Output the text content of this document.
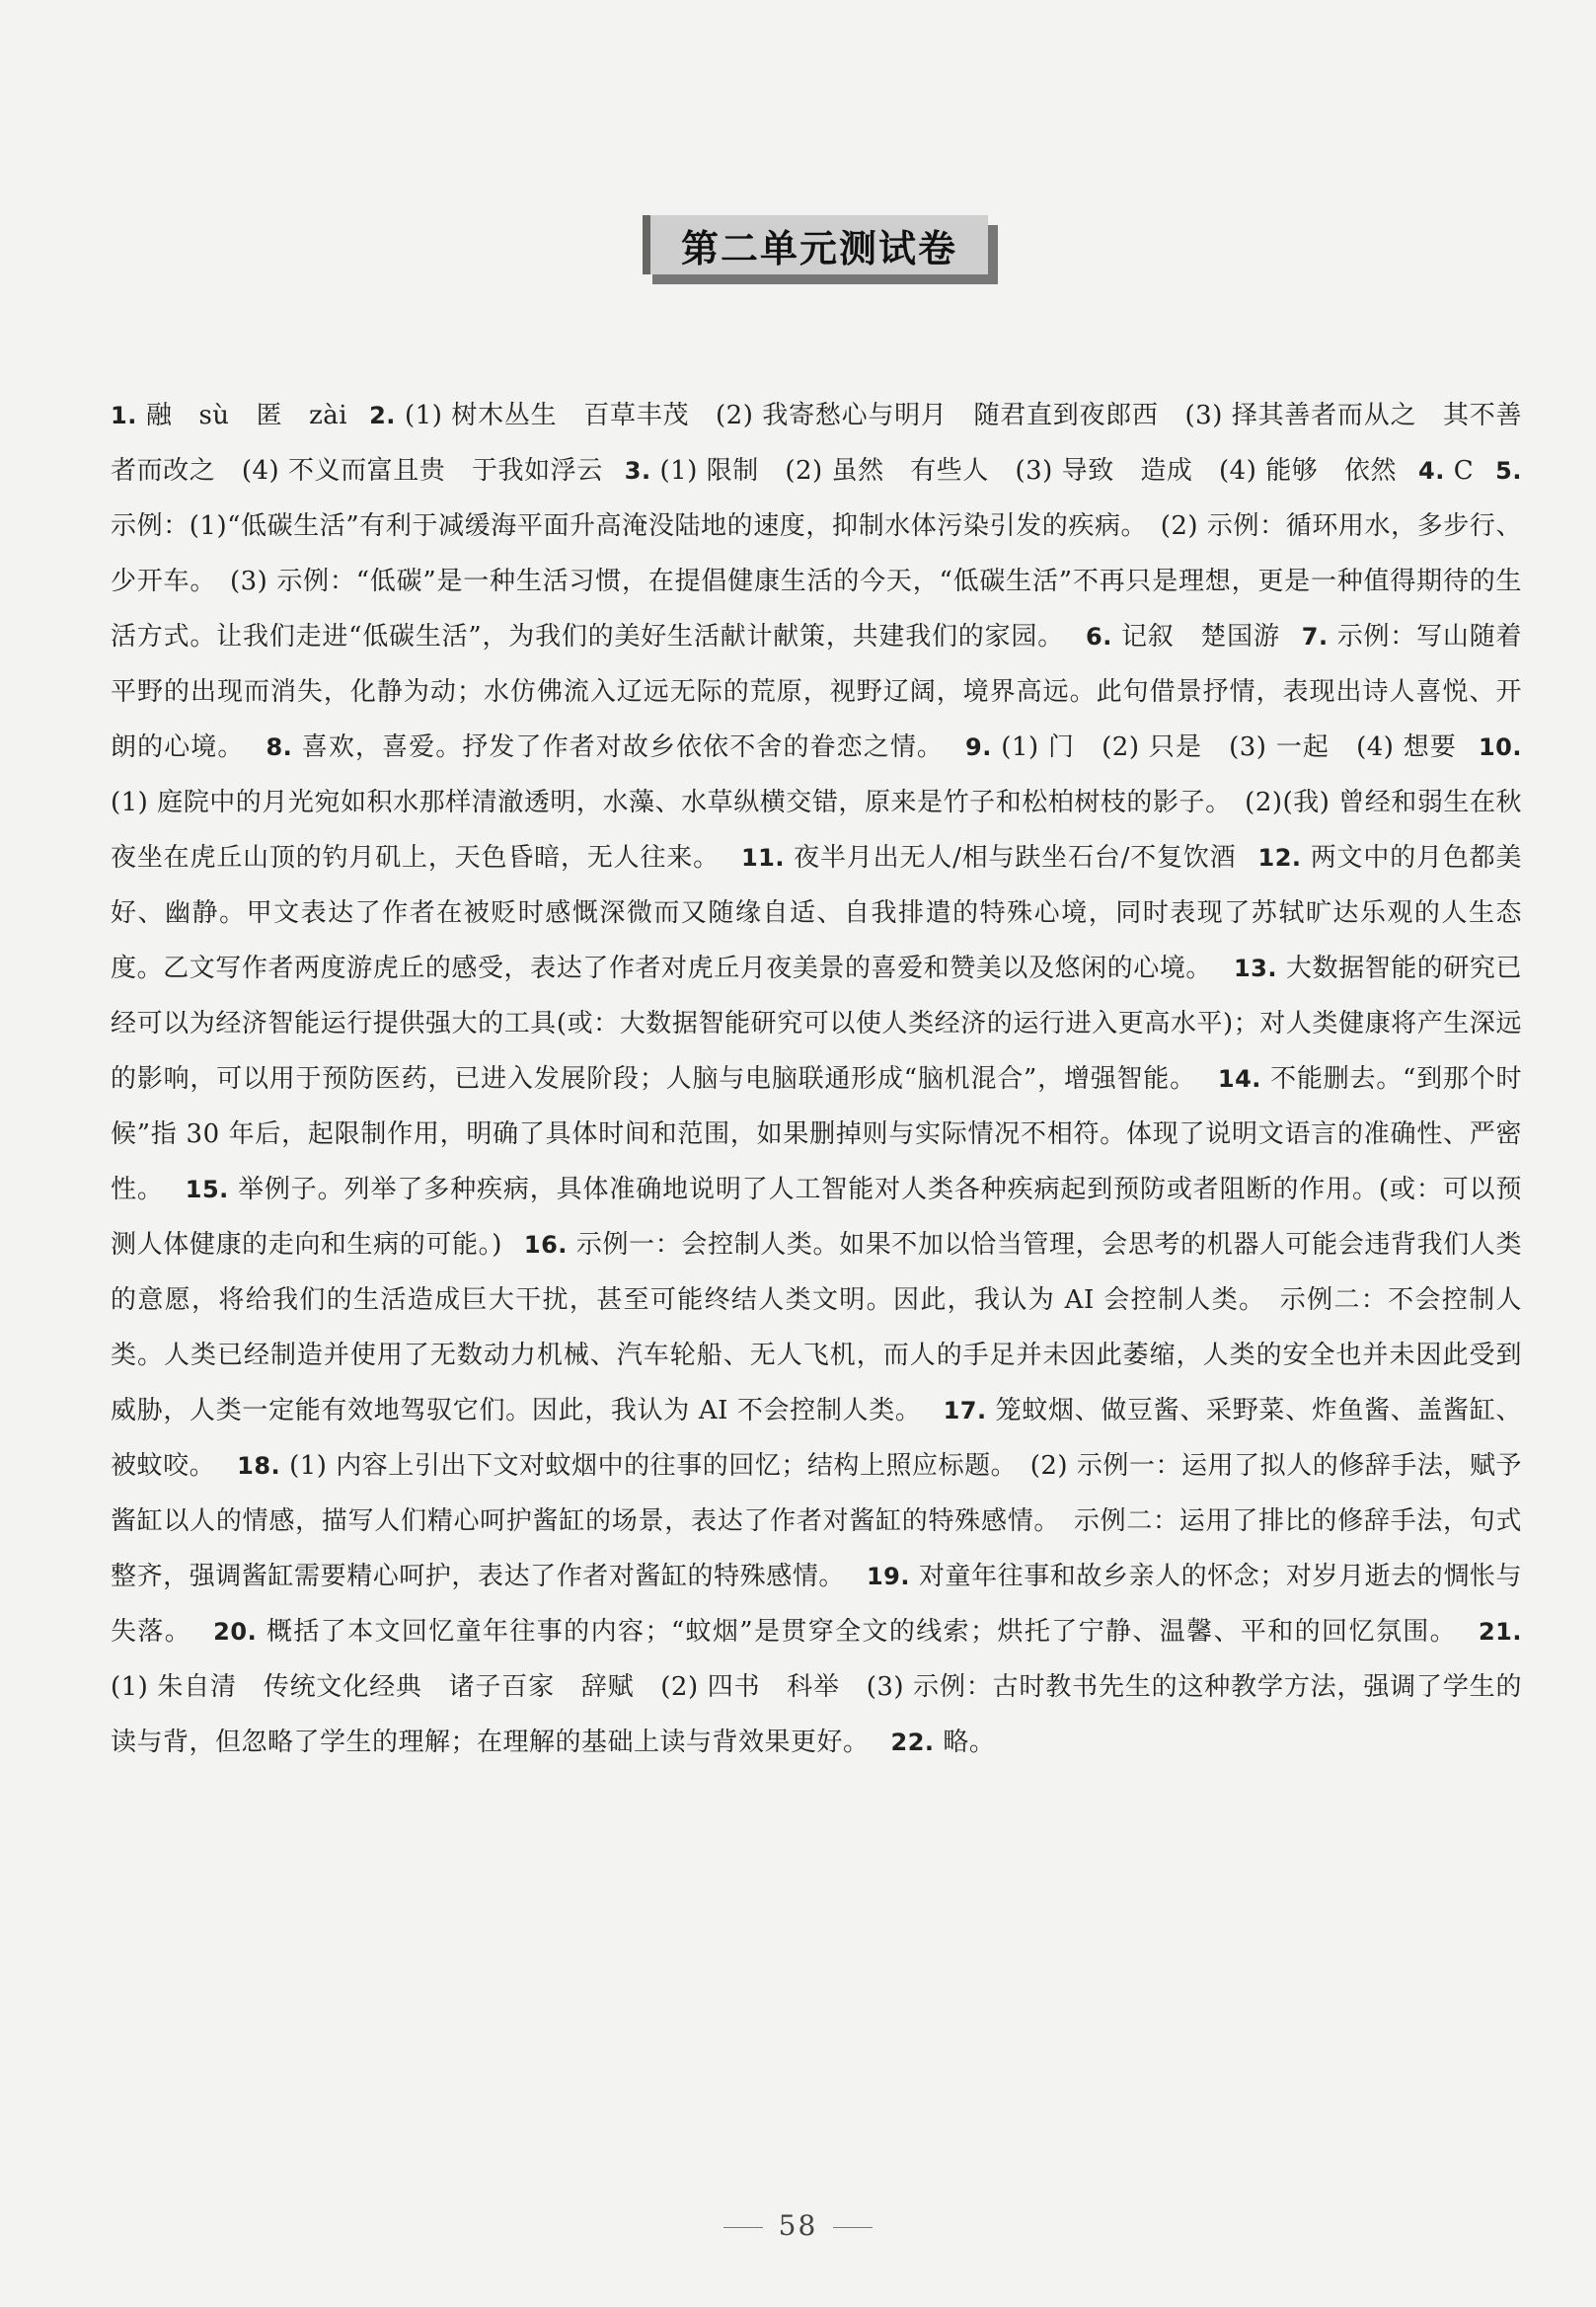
第二单元测试卷
1. 融　sù　匿　zài 2. (1) 树木丛生　百草丰茂　(2) 我寄愁心与明月　随君直到夜郎西　(3) 择其善者而从之　其不善者而改之　(4) 不义而富且贵　于我如浮云 3. (1) 限制　(2) 虽然　有些人　(3) 导致　造成　(4) 能够　依然 4. C 5. 示例：(1)“低碳生活”有利于减缓海平面升高淹没陆地的速度，抑制水体污染引发的疾病。　(2) 示例：循环用水，多步行、少开车。　(3) 示例：“低碳”是一种生活习惯，在提倡健康生活的今天，“低碳生活”不再只是理想，更是一种值得期待的生活方式。让我们走进“低碳生活”，为我们的美好生活献计献策，共建我们的家园。 6. 记叙　楚国游 7. 示例：写山随着平野的出现而消失，化静为动；水仿佛流入辽远无际的荒原，视野辽阔，境界高远。此句借景抒情，表现出诗人喜悦、开朗的心境。 8. 喜欢，喜爱。抒发了作者对故乡依依不舍的眷恋之情。 9. (1) 门　(2) 只是　(3) 一起　(4) 想要 10. (1) 庭院中的月光宛如积水那样清澈透明，水藻、水草纵横交错，原来是竹子和松柏树枝的影子。　(2)(我) 曾经和弱生在秋夜坐在虎丘山顶的钓月矶上，天色昏暗，无人往来。 11. 夜半月出无人/相与趺坐石台/不复饮酒 12. 两文中的月色都美好、幽静。甲文表达了作者在被贬时感慨深微而又随缘自适、自我排遣的特殊心境，同时表现了苏轼旷达乐观的人生态度。乙文写作者两度游虎丘的感受，表达了作者对虎丘月夜美景的喜爱和赞美以及悠闲的心境。 13. 大数据智能的研究已经可以为经济智能运行提供强大的工具(或：大数据智能研究可以使人类经济的运行进入更高水平)；对人类健康将产生深远的影响，可以用于预防医药，已进入发展阶段；人脑与电脑联通形成“脑机混合”，增强智能。 14. 不能删去。“到那个时候”指 30 年后，起限制作用，明确了具体时间和范围，如果删掉则与实际情况不相符。体现了说明文语言的准确性、严密性。 15. 举例子。列举了多种疾病，具体准确地说明了人工智能对人类各种疾病起到预防或者阻断的作用。(或：可以预测人体健康的走向和生病的可能。) 16. 示例一：会控制人类。如果不加以恰当管理，会思考的机器人可能会违背我们人类的意愿，将给我们的生活造成巨大干扰，甚至可能终结人类文明。因此，我认为 AI 会控制人类。　示例二：不会控制人类。人类已经制造并使用了无数动力机械、汽车轮船、无人飞机，而人的手足并未因此萎缩，人类的安全也并未因此受到威胁，人类一定能有效地驾驭它们。因此，我认为 AI 不会控制人类。 17. 笼蚊烟、做豆酱、采野菜、炸鱼酱、盖酱缸、被蚊咬。 18. (1) 内容上引出下文对蚊烟中的往事的回忆；结构上照应标题。　(2) 示例一：运用了拟人的修辞手法，赋予酱缸以人的情感，描写人们精心呵护酱缸的场景，表达了作者对酱缸的特殊感情。　示例二：运用了排比的修辞手法，句式整齐，强调酱缸需要精心呵护，表达了作者对酱缸的特殊感情。 19. 对童年往事和故乡亲人的怀念；对岁月逝去的惆怅与失落。 20. 概括了本文回忆童年往事的内容；“蚊烟”是贯穿全文的线索；烘托了宁静、温馨、平和的回忆氛围。 21. (1) 朱自清　传统文化经典　诸子百家　辞赋　(2) 四书　科举　(3) 示例：古时教书先生的这种教学方法，强调了学生的读与背，但忽略了学生的理解；在理解的基础上读与背效果更好。 22. 略。
58
